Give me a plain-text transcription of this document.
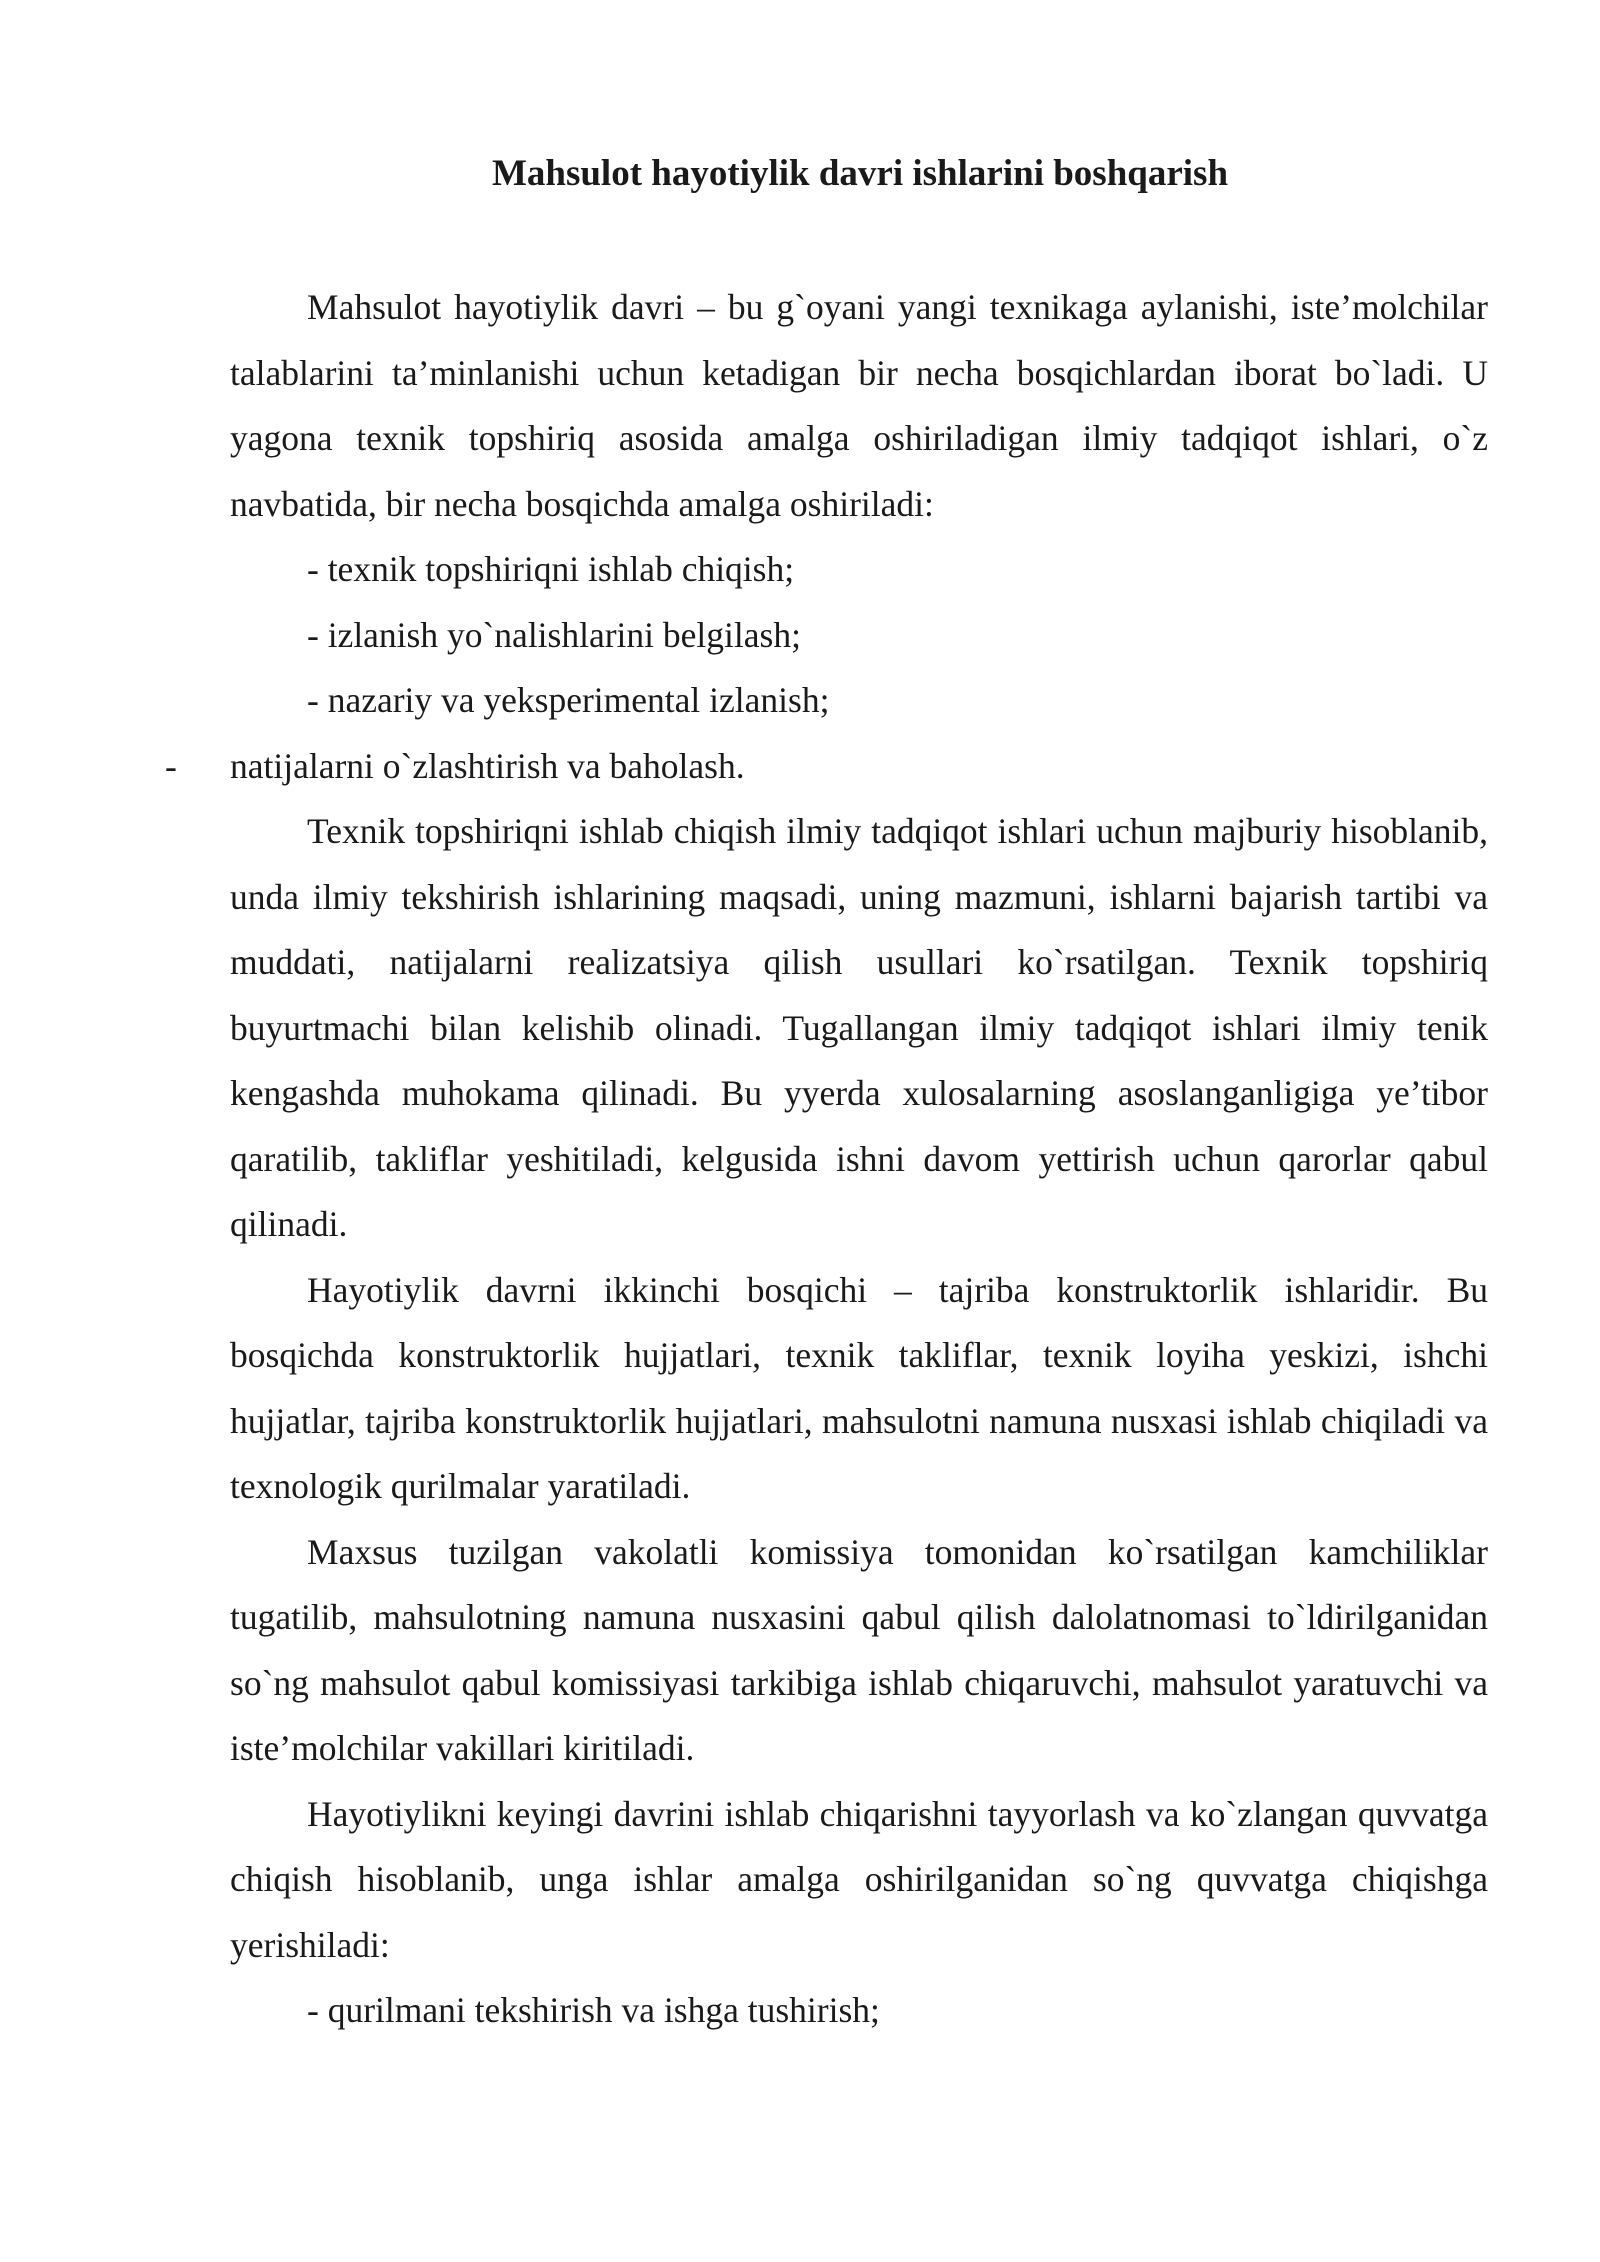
Mahsulot hayotiylik davri ishlarini boshqarish

Mahsulot hayotiylik davri – bu g`oyani yangi texnikaga aylanishi, iste’molchilar talablarini ta’minlanishi uchun ketadigan bir necha bosqichlardan iborat bo`ladi. U yagona texnik topshiriq asosida amalga oshiriladigan ilmiy tadqiqot ishlari, o`z navbatida, bir necha bosqichda amalga oshiriladi:

- texnik topshiriqni ishlab chiqish;

- izlanish yo`nalishlarini belgilash;

- nazariy va yeksperimental izlanish;

- natijalarni o`zlashtirish va baholash.

Texnik topshiriqni ishlab chiqish ilmiy tadqiqot ishlari uchun majburiy hisoblanib, unda ilmiy tekshirish ishlarining maqsadi, uning mazmuni, ishlarni bajarish tartibi va muddati, natijalarni realizatsiya qilish usullari ko`rsatilgan. Texnik topshiriq buyurtmachi bilan kelishib olinadi. Tugallangan ilmiy tadqiqot ishlari ilmiy tenik kengashda muhokama qilinadi. Bu yyerda xulosalarning asoslanganligiga ye’tibor qaratilib, takliflar yeshitiladi, kelgusida ishni davom yettirish uchun qarorlar qabul qilinadi.

Hayotiylik davrni ikkinchi bosqichi – tajriba konstruktorlik ishlaridir. Bu bosqichda konstruktorlik hujjatlari, texnik takliflar, texnik loyiha yeskizi, ishchi hujjatlar, tajriba konstruktorlik hujjatlari, mahsulotni namuna nusxasi ishlab chiqiladi va texnologik qurilmalar yaratiladi.

Maxsus tuzilgan vakolatli komissiya tomonidan ko`rsatilgan kamchiliklar tugatilib, mahsulotning namuna nusxasini qabul qilish dalolatnomasi to`ldirilganidan so`ng mahsulot qabul komissiyasi tarkibiga ishlab chiqaruvchi, mahsulot yaratuvchi va iste’molchilar vakillari kiritiladi.

Hayotiylikni keyingi davrini ishlab chiqarishni tayyorlash va ko`zlangan quvvatga chiqish hisoblanib, unga ishlar amalga oshirilganidan so`ng quvvatga chiqishga yerishiladi:

- qurilmani tekshirish va ishga tushirish;
